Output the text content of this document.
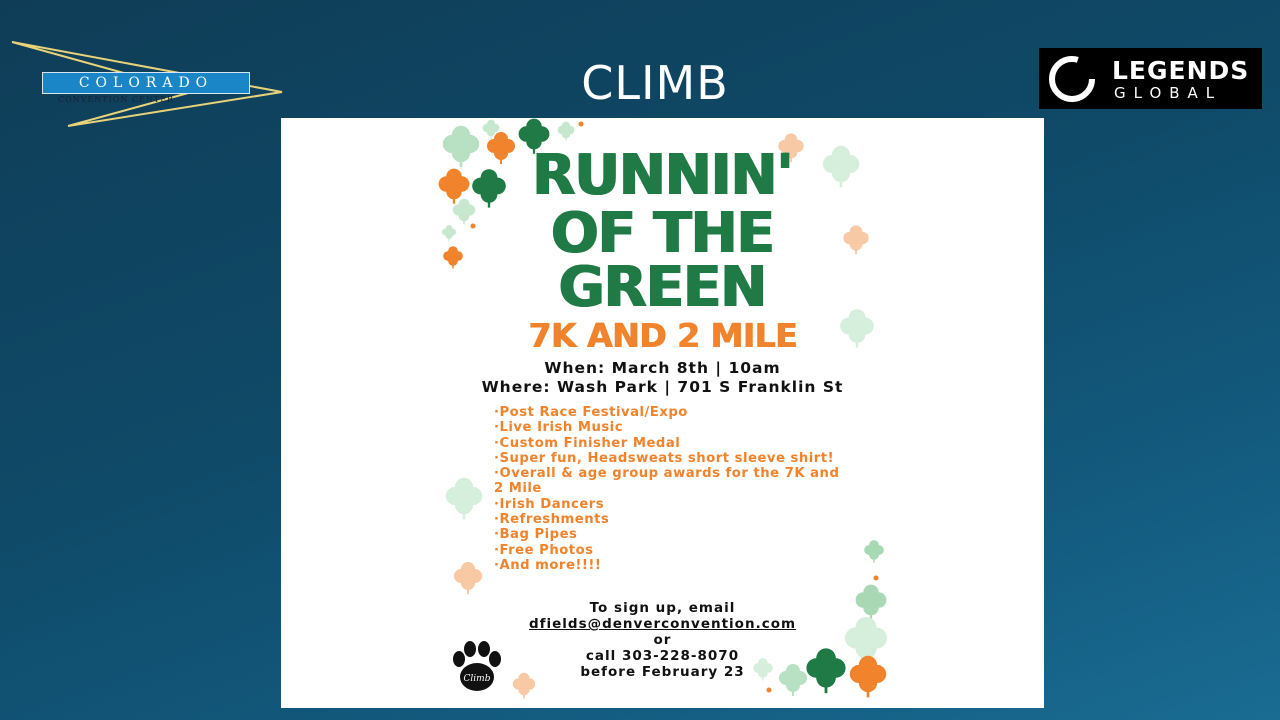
COLORADO
CONVENTION CENTER	CLIMB	LEGENDS
GLOBAL
RUNNIN'
OF THE
GREEN
7K AND 2 MILE
When: March 8th | 10am
Where: Wash Park | 701 S Franklin St
·Post Race Festival/Expo
·Live Irish Music
·Custom Finisher Medal
·Super fun, Headsweats short sleeve shirt!
·Overall & age group awards for the 7K and 2 Mile
·Irish Dancers
·Refreshments
·Bag Pipes
·Free Photos
·And more!!!!
To sign up, email
dfields@denverconvention.com
or
call 303-228-8070
before February 23
Climb
